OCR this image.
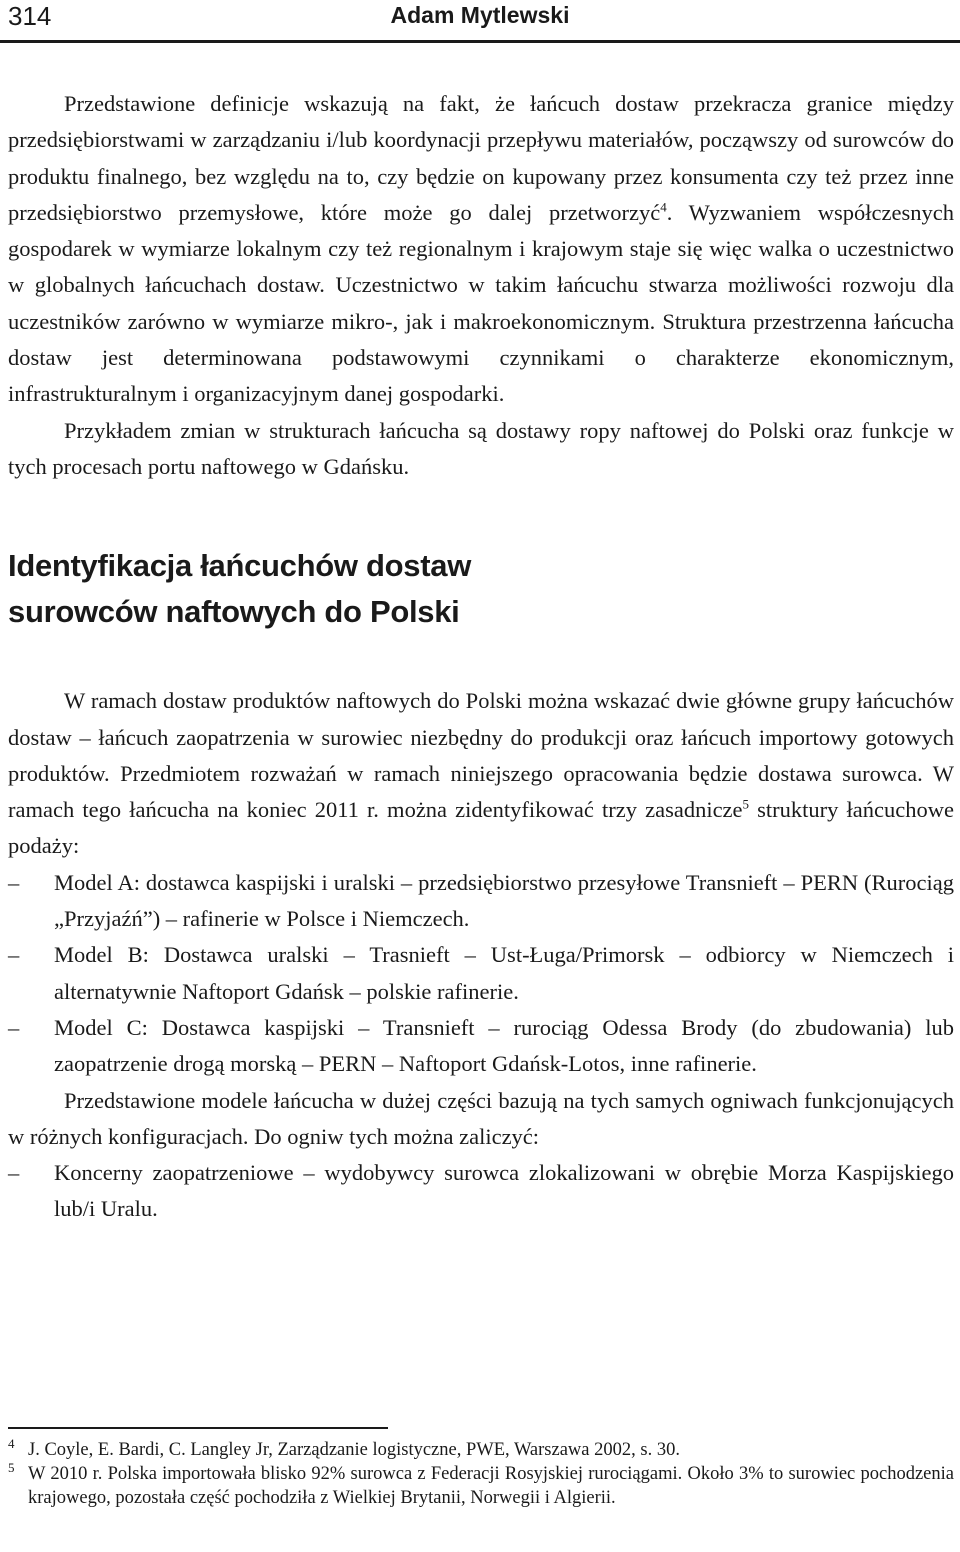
314	Adam Mytlewski

Przedstawione definicje wskazują na fakt, że łańcuch dostaw przekracza granice między przedsiębiorstwami w zarządzaniu i/lub koordynacji przepływu materiałów, począwszy od surowców do produktu finalnego, bez względu na to, czy będzie on kupowany przez konsumenta czy też przez inne przedsiębiorstwo przemysłowe, które może go dalej przetworzyć$^4$. Wyzwaniem współczesnych gospodarek w wymiarze lokalnym czy też regionalnym i krajowym staje się więc walka o uczestnictwo w globalnych łańcuchach dostaw. Uczestnictwo w takim łańcuchu stwarza możliwości rozwoju dla uczestników zarówno w wymiarze mikro-, jak i makroekonomicznym. Struktura przestrzenna łańcucha dostaw jest determinowana podstawowymi czynnikami o charakterze ekonomicznym, infrastrukturalnym i organizacyjnym danej gospodarki.

Przykładem zmian w strukturach łańcucha są dostawy ropy naftowej do Polski oraz funkcje w tych procesach portu naftowego w Gdańsku.

Identyfikacja łańcuchów dostaw
surowców naftowych do Polski

W ramach dostaw produktów naftowych do Polski można wskazać dwie główne grupy łańcuchów dostaw – łańcuch zaopatrzenia w surowiec niezbędny do produkcji oraz łańcuch importowy gotowych produktów. Przedmiotem rozważań w ramach niniejszego opracowania będzie dostawa surowca. W ramach tego łańcucha na koniec 2011 r. można zidentyfikować trzy zasadnicze$^5$ struktury łańcuchowe podaży:

– Model A: dostawca kaspijski i uralski – przedsiębiorstwo przesyłowe Transnieft – PERN (Rurociąg „Przyjaźń”) – rafinerie w Polsce i Niemczech.
– Model B: Dostawca uralski – Trasnieft – Ust-Ługa/Primorsk – odbiorcy w Niemczech i alternatywnie Naftoport Gdańsk – polskie rafinerie.
– Model C: Dostawca kaspijski – Transnieft – rurociąg Odessa Brody (do zbudowania) lub zaopatrzenie drogą morską – PERN – Naftoport Gdańsk-Lotos, inne rafinerie.

Przedstawione modele łańcucha w dużej części bazują na tych samych ogniwach funkcjonujących w różnych konfiguracjach. Do ogniw tych można zaliczyć:

– Koncerny zaopatrzeniowe – wydobywcy surowca zlokalizowani w obrębie Morza Kaspijskiego lub/i Uralu.
4 J. Coyle, E. Bardi, C. Langley Jr, Zarządzanie logistyczne, PWE, Warszawa 2002, s. 30.
5 W 2010 r. Polska importowała blisko 92% surowca z Federacji Rosyjskiej rurociągami. Około 3% to surowiec pochodzenia krajowego, pozostała część pochodziła z Wielkiej Brytanii, Norwegii i Algierii.
